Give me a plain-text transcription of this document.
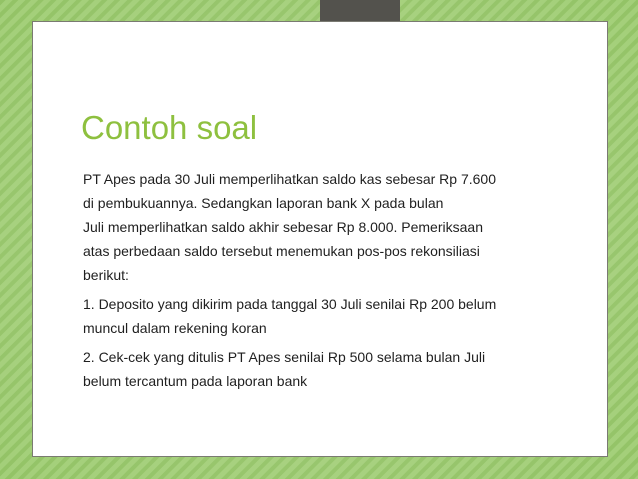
Contoh soal
PT Apes pada 30 Juli memperlihatkan saldo kas sebesar Rp 7.600
di pembukuannya. Sedangkan laporan bank X pada bulan
Juli memperlihatkan saldo akhir sebesar Rp 8.000. Pemeriksaan
atas perbedaan saldo tersebut menemukan pos-pos rekonsiliasi
berikut:
1. Deposito yang dikirim pada tanggal 30 Juli senilai Rp 200 belum
muncul dalam rekening koran
2. Cek-cek yang ditulis PT Apes senilai Rp 500 selama bulan Juli
belum tercantum pada laporan bank
